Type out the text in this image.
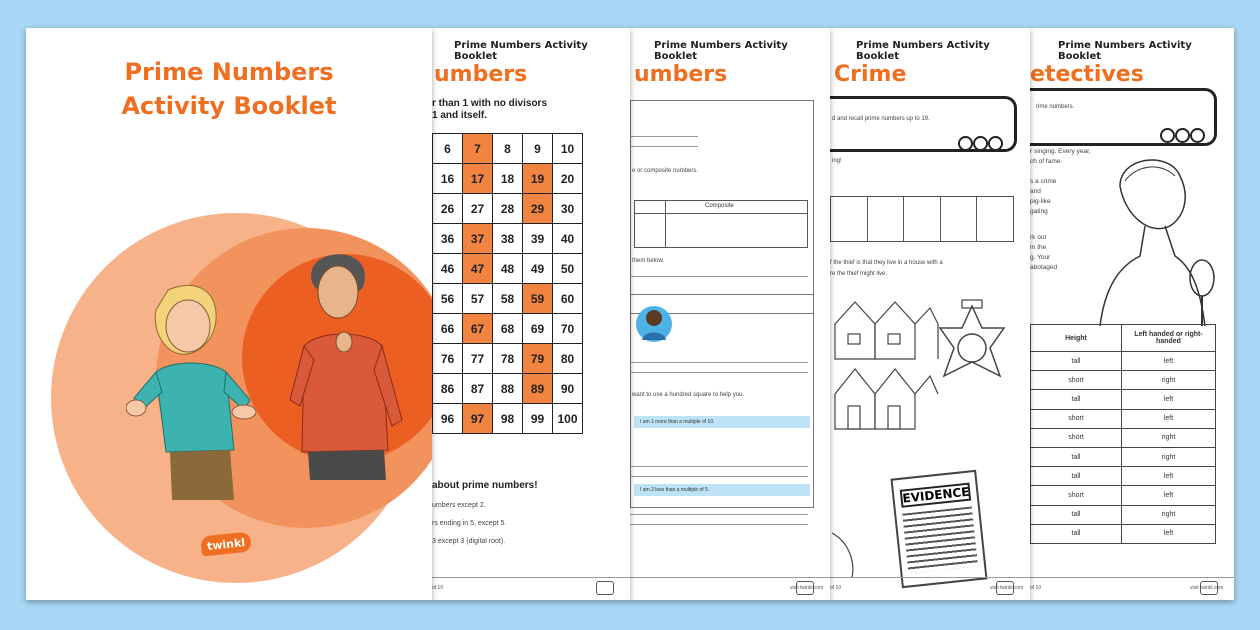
Prime Numbers Activity Booklet
etectives
rime numbers.
r singing. Every year,
ch of fame.
s a crime
and
pig-like
gating
rk out
m the
g. Your
abotaged
Height	Left handed or right-handed
tall	left
short	right
tall	left
short	left
short	right
tall	right
tall	left
short	left
tall	right
tall	left
of 10	visit twinkl.com
Prime Numbers Activity Booklet
Crime
d and recall prime numbers up to 19.
ing!
f the thief is that they live in a house with a
re the thief might live.
EVIDENCE
of 10	visit twinkl.com
Prime Numbers Activity Booklet
umbers
e or composite numbers.
Composite
them below.
want to use a hundred square to help you.
I am 1 more than a multiple of 10.
I am 2 less than a multiple of 5.
visit twinkl.com
Prime Numbers Activity Booklet
umbers
r than 1 with no divisors
1 and itself.
6	7	8	9	10
16	17	18	19	20
26	27	28	29	30
36	37	38	39	40
46	47	48	49	50
56	57	58	59	60
66	67	68	69	70
76	77	78	79	80
86	87	88	89	90
96	97	98	99	100
about prime numbers!
umbers except 2.
rs ending in 5, except 5.
3 except 3 (digital root).
of 10
Prime Numbers
Activity Booklet
twinkl
